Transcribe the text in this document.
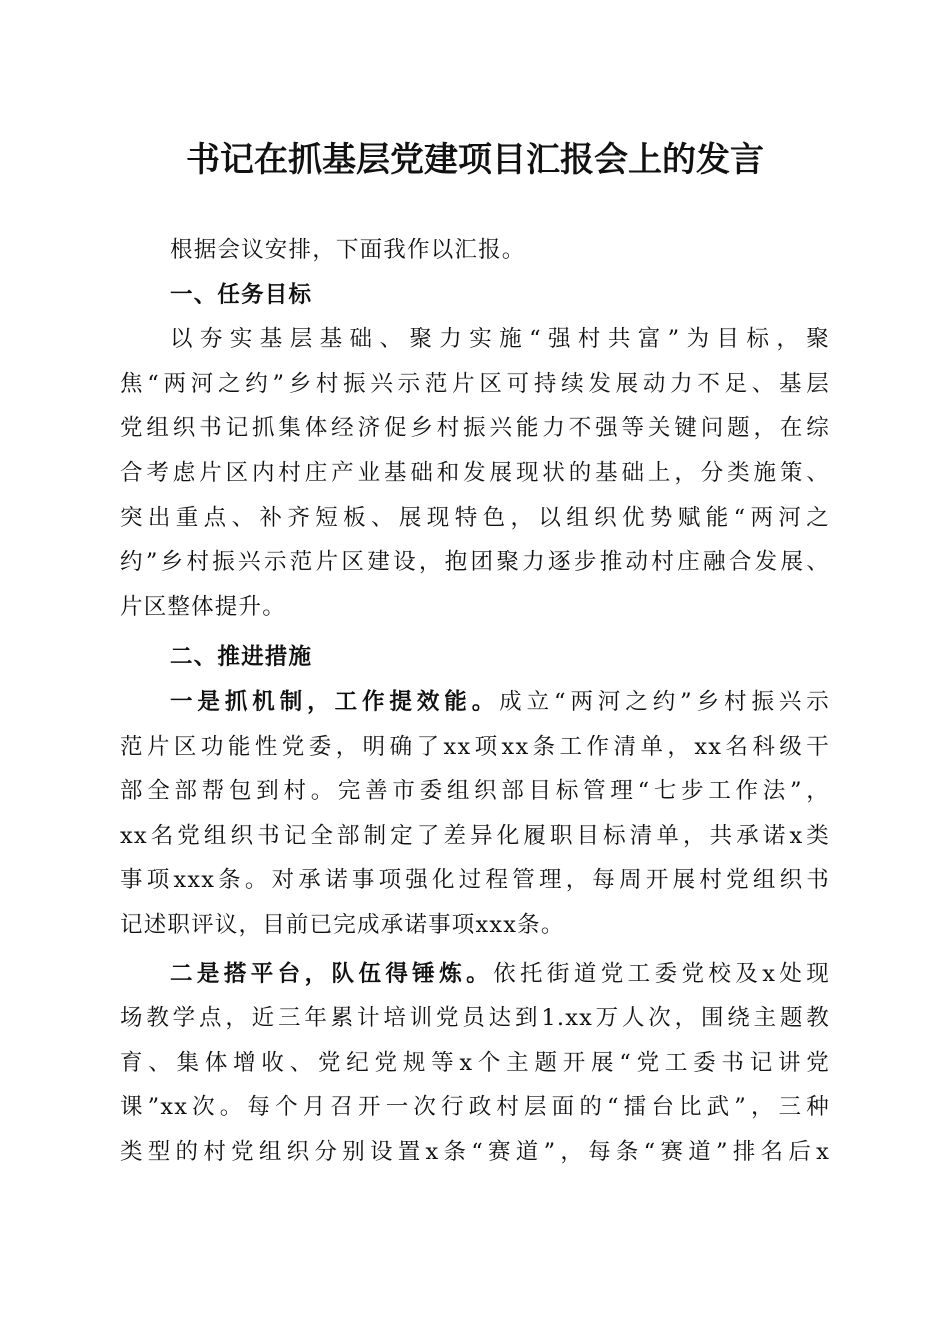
书记在抓基层党建项目汇报会上的发言
根据会议安排，下面我作以汇报。
一、任务目标
以夯实基层基础、聚力实施“强村共富”为目标，聚
焦“两河之约”乡村振兴示范片区可持续发展动力不足、基层
党组织书记抓集体经济促乡村振兴能力不强等关键问题，在综
合考虑片区内村庄产业基础和发展现状的基础上，分类施策、
突出重点、补齐短板、展现特色，以组织优势赋能“两河之
约”乡村振兴示范片区建设，抱团聚力逐步推动村庄融合发展、
片区整体提升。
二、推进措施
一是抓机制，工作提效能。成立“两河之约”乡村振兴示
范片区功能性党委，明确了xx项xx条工作清单，xx名科级干
部全部帮包到村。完善市委组织部目标管理“七步工作法”，
xx名党组织书记全部制定了差异化履职目标清单，共承诺x类
事项xxx条。对承诺事项强化过程管理，每周开展村党组织书
记述职评议，目前已完成承诺事项xxx条。
二是搭平台，队伍得锤炼。依托街道党工委党校及x处现
场教学点，近三年累计培训党员达到1.xx万人次，围绕主题教
育、集体增收、党纪党规等x个主题开展“党工委书记讲党
课”xx次。每个月召开一次行政村层面的“擂台比武”，三种
类型的村党组织分别设置x条“赛道”，每条“赛道”排名后x
